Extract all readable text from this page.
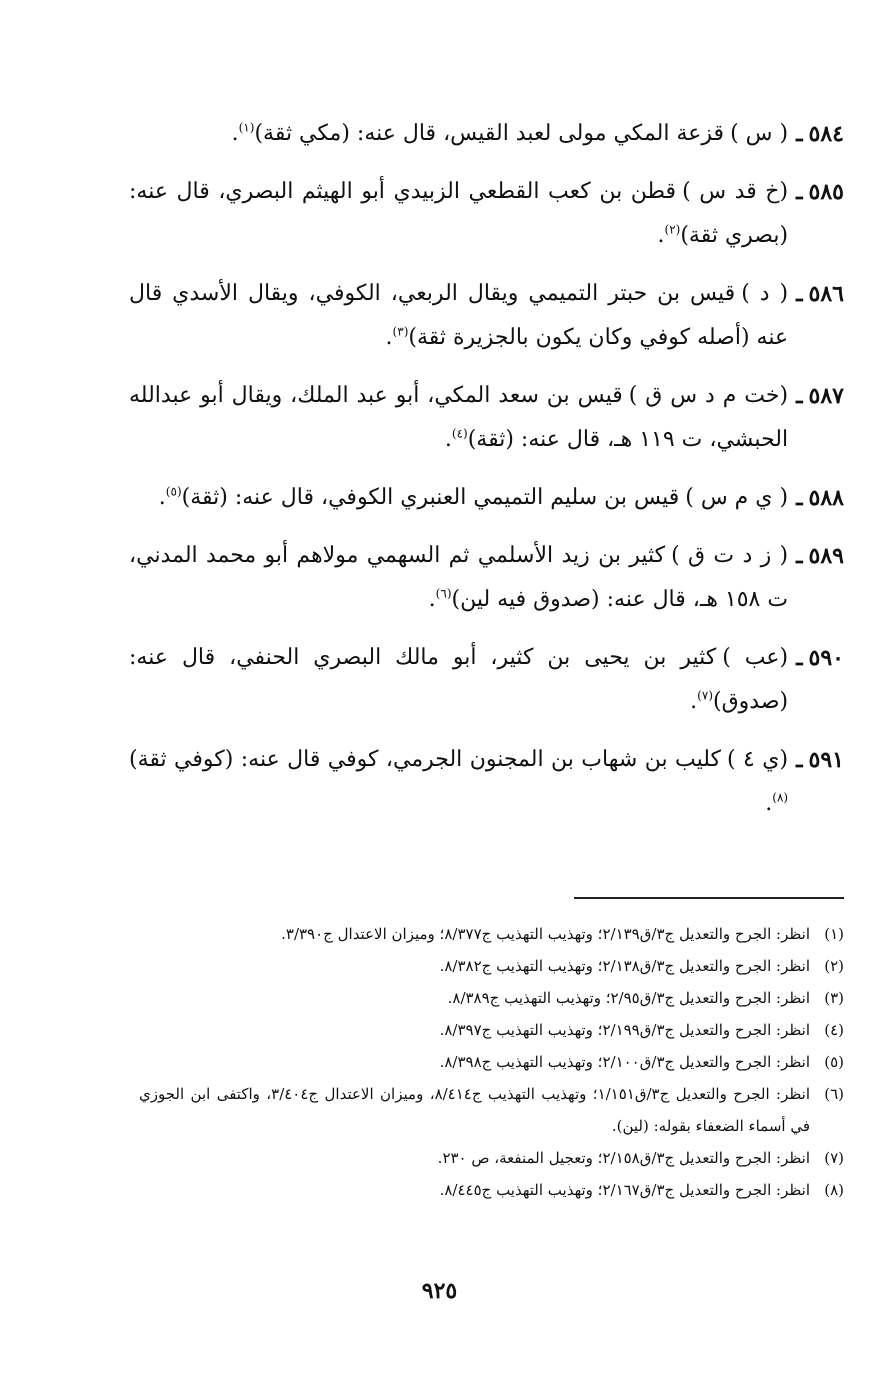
٥٨٤ـ
( س )قزعة المكي مولى لعبد القيس، قال عنه: (مكي ثقة)$^{(١)}$.
٥٨٥ـ
(خ قد س )قطن بن كعب القطعي الزبيدي أبو الهيثم البصري، قال عنه: (بصري ثقة)$^{(٢)}$.
٥٨٦ـ
( د )قيس بن حبتر التميمي ويقال الربعي، الكوفي، ويقال الأسدي قال عنه (أصله كوفي وكان يكون بالجزيرة ثقة)$^{(٣)}$.
٥٨٧ـ
(خت م د س ق )قيس بن سعد المكي، أبو عبد الملك، ويقال أبو عبدالله الحبشي، ت ١١٩ هـ، قال عنه: (ثقة)$^{(٤)}$.
٥٨٨ـ
( ي م س )قيس بن سليم التميمي العنبري الكوفي، قال عنه: (ثقة)$^{(٥)}$.
٥٨٩ـ
( ز د ت ق )كثير بن زيد الأسلمي ثم السهمي مولاهم أبو محمد المدني، ت ١٥٨ هـ، قال عنه: (صدوق فيه لين)$^{(٦)}$.
٥٩٠ـ
(عب )كثير بن يحيى بن كثير، أبو مالك البصري الحنفي، قال عنه: (صدوق)$^{(٧)}$.
٥٩١ـ
(ي ٤ )كليب بن شهاب بن المجنون الجرمي، كوفي قال عنه: (كوفي ثقة)$^{(٨)}$.
(١)
انظر: الجرح والتعديل ج٣/ق٢/١٣٩؛ وتهذيب التهذيب ج٨/٣٧٧؛ وميزان الاعتدال ج٣/٣٩٠.
(٢)
انظر: الجرح والتعديل ج٣/ق٢/١٣٨؛ وتهذيب التهذيب ج٨/٣٨٢.
(٣)
انظر: الجرح والتعديل ج٣/ق٢/٩٥؛ وتهذيب التهذيب ج٨/٣٨٩.
(٤)
انظر: الجرح والتعديل ج٣/ق٢/١٩٩؛ وتهذيب التهذيب ج٨/٣٩٧.
(٥)
انظر: الجرح والتعديل ج٣/ق٢/١٠٠؛ وتهذيب التهذيب ج٨/٣٩٨.
(٦)
انظر: الجرح والتعديل ج٣/ق١/١٥١؛ وتهذيب التهذيب ج٨/٤١٤، وميزان الاعتدال ج٣/٤٠٤، واكتفى ابن الجوزي في أسماء الضعفاء بقوله: (لين).
(٧)
انظر: الجرح والتعديل ج٣/ق٢/١٥٨؛ وتعجيل المنفعة، ص ٢٣٠.
(٨)
انظر: الجرح والتعديل ج٣/ق٢/١٦٧؛ وتهذيب التهذيب ج٨/٤٤٥.
٩٢٥
